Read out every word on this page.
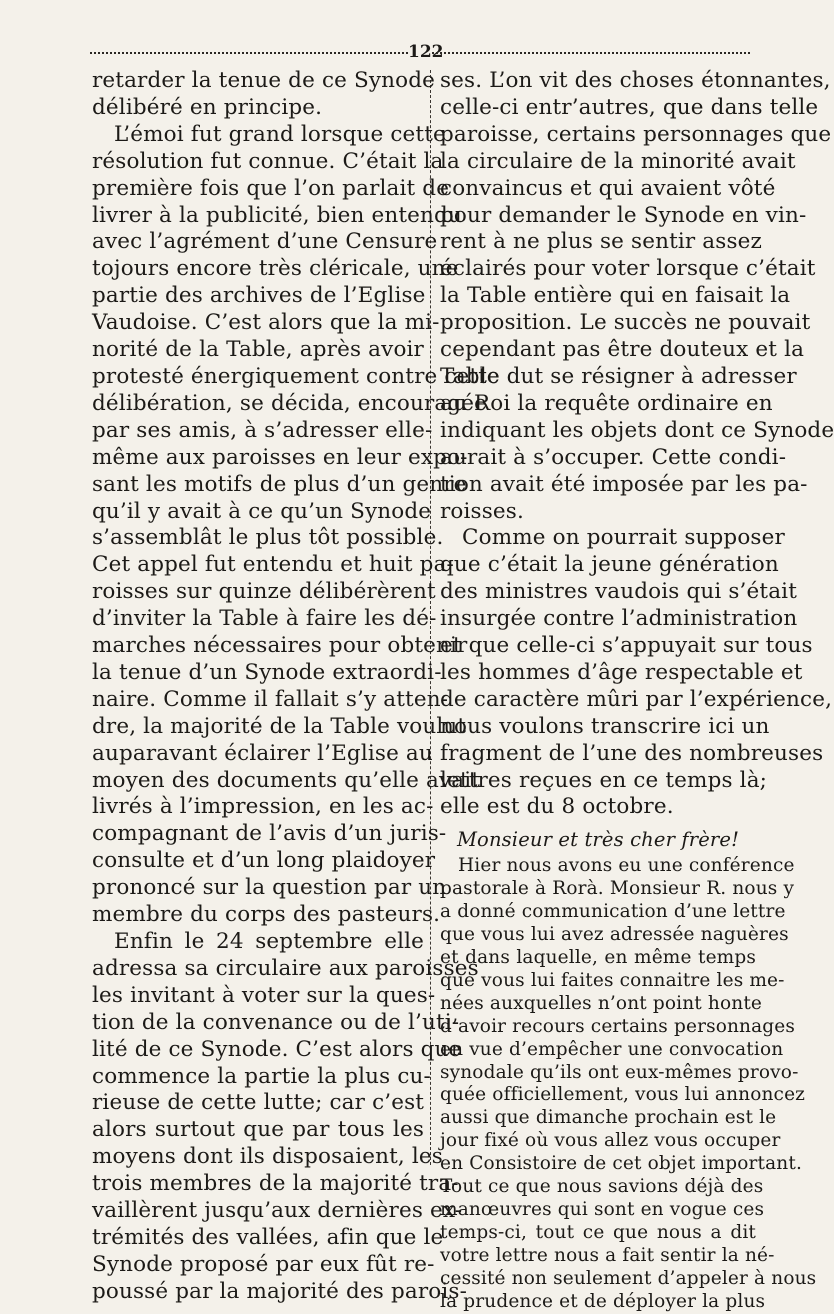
122
retarder la tenue de ce Synode
délibéré en principe.
L’émoi fut grand lorsque cette
résolution fut connue. C’était la
première fois que l’on parlait de
livrer à la publicité, bien entendu
avec l’agrément d’une Censure
tojours encore très cléricale, une
partie des archives de l’Eglise
Vaudoise. C’est alors que la mi-
norité de la Table, après avoir
protesté énergiquement contre cette
délibération, se décida, encouragée
par ses amis, à s’adresser elle-
même aux paroisses en leur expo-
sant les motifs de plus d’un genre
qu’il y avait à ce qu’un Synode
s’assemblât le plus tôt possible.
Cet appel fut entendu et huit pa-
roisses sur quinze délibérèrent
d’inviter la Table à faire les dé-
marches nécessaires pour obtenir
la tenue d’un Synode extraordi-
naire. Comme il fallait s’y atten-
dre, la majorité de la Table voulut
auparavant éclairer l’Eglise au
moyen des documents qu’elle avait
livrés à l’impression, en les ac-
compagnant de l’avis d’un juris-
consulte et d’un long plaidoyer
prononcé sur la question par un
membre du corps des pasteurs.
Enfin le 24 septembre elle
adressa sa circulaire aux paroisses
les invitant à voter sur la ques-
tion de la convenance ou de l’uti-
lité de ce Synode. C’est alors que
commence la partie la plus cu-
rieuse de cette lutte; car c’est
alors surtout que par tous les
moyens dont ils disposaient, les
trois membres de la majorité tra-
vaillèrent jusqu’aux dernières ex-
trémités des vallées, afin que le
Synode proposé par eux fût re-
poussé par la majorité des parois-
ses. L’on vit des choses étonnantes,
celle-ci entr’autres, que dans telle
paroisse, certains personnages que
la circulaire de la minorité avait
convaincus et qui avaient vôté
pour demander le Synode en vin-
rent à ne plus se sentir assez
éclairés pour voter lorsque c’était
la Table entière qui en faisait la
proposition. Le succès ne pouvait
cependant pas être douteux et la
Table dut se résigner à adresser
au Roi la requête ordinaire en
indiquant les objets dont ce Synode
aurait à s’occuper. Cette condi-
tion avait été imposée par les pa-
roisses.
Comme on pourrait supposer
que c’était la jeune génération
des ministres vaudois qui s’était
insurgée contre l’administration
et que celle-ci s’appuyait sur tous
les hommes d’âge respectable et
de caractère mûri par l’expérience,
nous voulons transcrire ici un
fragment de l’une des nombreuses
lettres reçues en ce temps là;
elle est du 8 octobre.
Monsieur et très cher frère!
Hier nous avons eu une conférence
pastorale à Rorà. Monsieur R. nous y
a donné communication d’une lettre
que vous lui avez adressée naguères
et dans laquelle, en même temps
que vous lui faites connaitre les me-
nées auxquelles n’ont point honte
d’avoir recours certains personnages
en vue d’empêcher une convocation
synodale qu’ils ont eux-mêmes provo-
quée officiellement, vous lui annoncez
aussi que dimanche prochain est le
jour fixé où vous allez vous occuper
en Consistoire de cet objet important.
Tout ce que nous savions déjà des
manœuvres qui sont en vogue ces
temps-ci, tout ce que nous a dit
votre lettre nous a fait sentir la né-
cessité non seulement d’appeler à nous
la prudence et de déployer la plus
